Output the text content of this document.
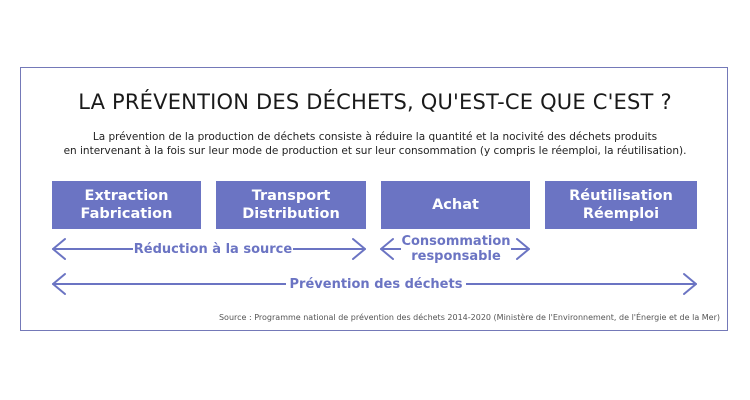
LA PRÉVENTION DES DÉCHETS, QU'EST-CE QUE C'EST ?
La prévention de la production de déchets consiste à réduire la quantité et la nocivité des déchets produits
en intervenant à la fois sur leur mode de production et sur leur consommation (y compris le réemploi, la réutilisation).
Extraction
Fabrication
Transport
Distribution
Achat
Réutilisation
Réemploi
Réduction à la source
Consommation
responsable
Prévention des déchets
Source : Programme national de prévention des déchets 2014-2020 (Ministère de l'Environnement, de l'Énergie et de la Mer)
